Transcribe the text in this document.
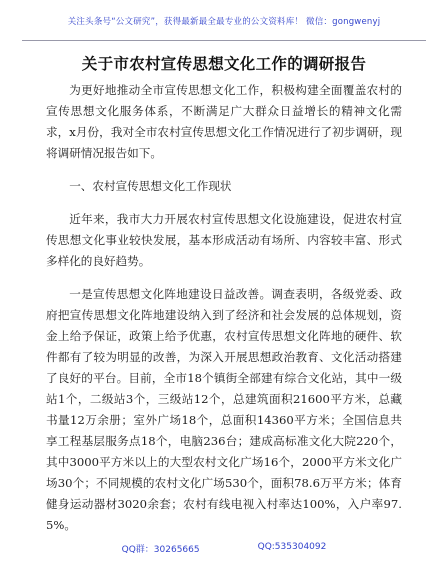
关注头条号“公文研究”，获得最新最全最专业的公文资料库！ 微信：gongwenyj
关于市农村宣传思想文化工作的调研报告

为更好地推动全市宣传思想文化工作，积极构建全面覆盖农村的宣传思想文化服务体系，不断满足广大群众日益增长的精神文化需求，x月份，我对全市农村宣传思想文化工作情况进行了初步调研，现将调研情况报告如下。

一、农村宣传思想文化工作现状

近年来，我市大力开展农村宣传思想文化设施建设，促进农村宣传思想文化事业较快发展，基本形成活动有场所、内容较丰富、形式多样化的良好趋势。

一是宣传思想文化阵地建设日益改善。调查表明，各级党委、政府把宣传思想文化阵地建设纳入到了经济和社会发展的总体规划，资金上给予保证，政策上给予优惠，农村宣传思想文化阵地的硬件、软件都有了较为明显的改善，为深入开展思想政治教育、文化活动搭建了良好的平台。目前，全市18个镇街全部建有综合文化站，其中一级站1个，二级站3个，三级站12个，总建筑面积21600平方米，总藏书量12万余册；室外广场18个，总面积14360平方米；全国信息共享工程基层服务点18个，电脑236台；建成高标准文化大院220个，其中3000平方米以上的大型农村文化广场16个，2000平方米文化广场30个；不同规模的农村文化广场530个，面积78.6万平方米；体育健身运动器材3020余套；农村有线电视入村率达100%，入户率97.5%。

QQ群：30265665	QQ:535304092
